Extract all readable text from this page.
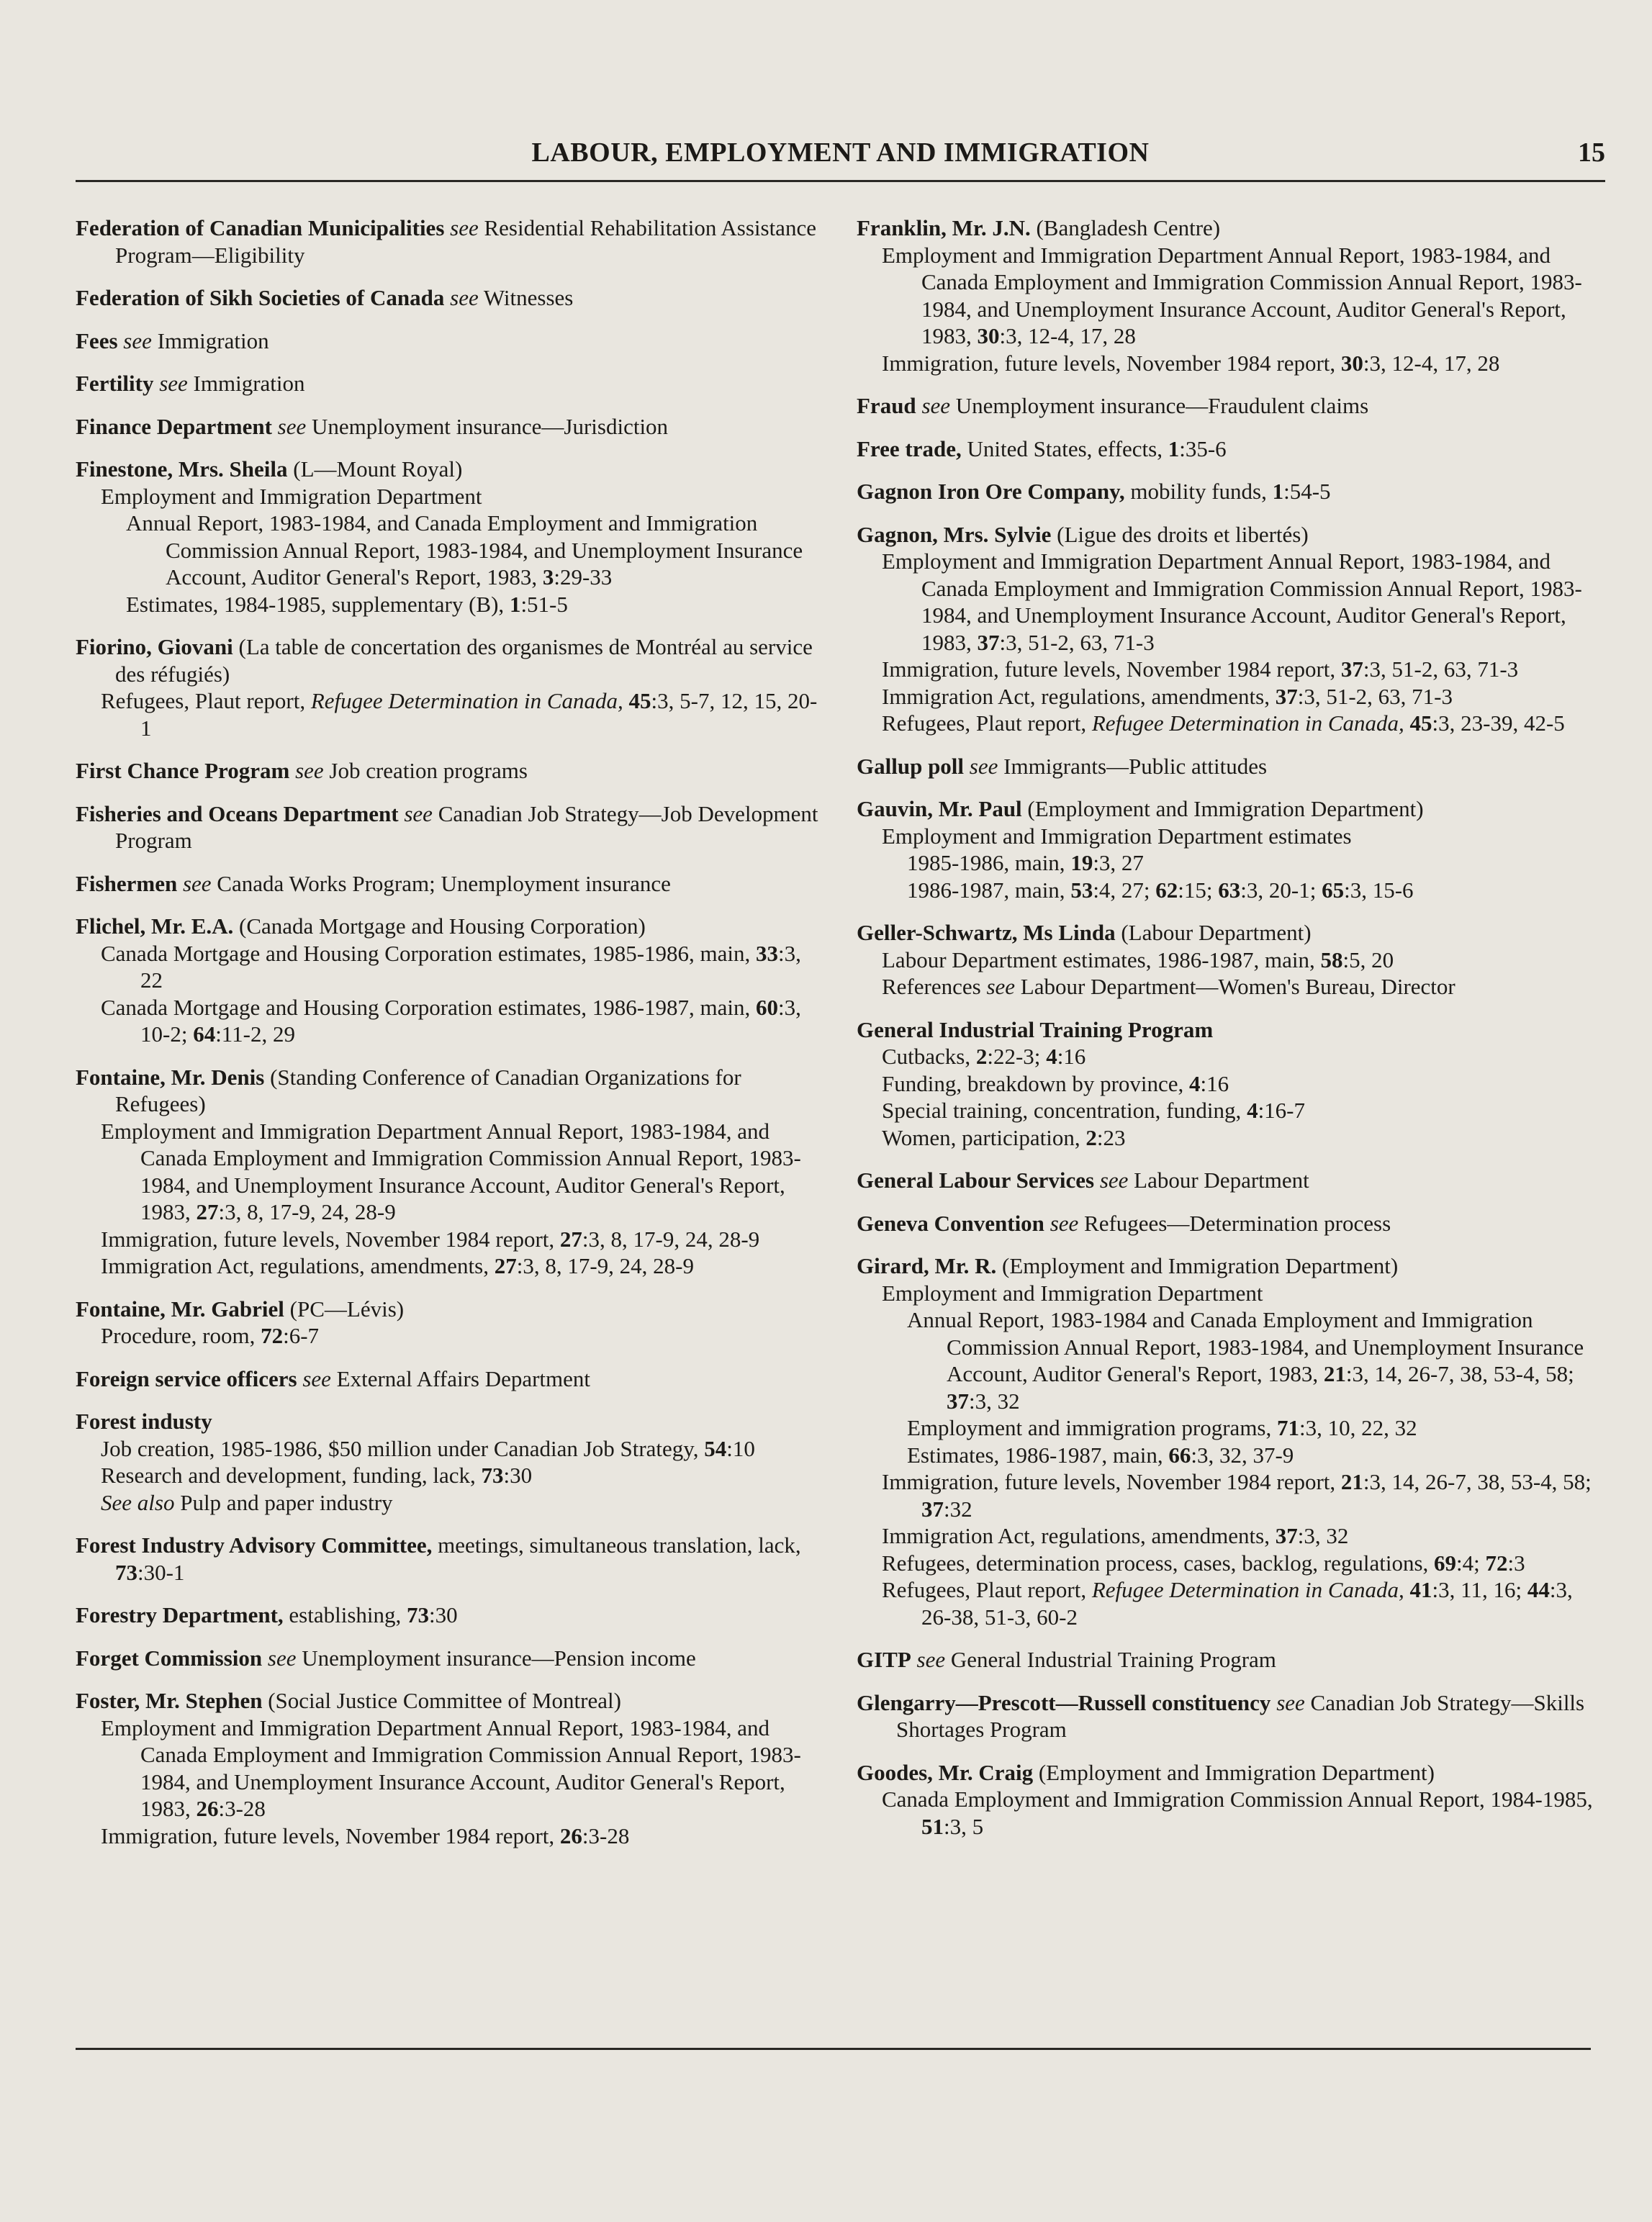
LABOUR, EMPLOYMENT AND IMMIGRATION	15
Federation of Canadian Municipalities see Residential Rehabilitation Assistance Program—Eligibility
Federation of Sikh Societies of Canada see Witnesses
Fees see Immigration
Fertility see Immigration
Finance Department see Unemployment insurance—Jurisdiction
Finestone, Mrs. Sheila (L—Mount Royal)
Employment and Immigration Department
Annual Report, 1983-1984, and Canada Employment and Immigration Commission Annual Report, 1983-1984, and Unemployment Insurance Account, Auditor General's Report, 1983, 3:29-33
Estimates, 1984-1985, supplementary (B), 1:51-5
Fiorino, Giovani (La table de concertation des organismes de Montréal au service des réfugiés)
Refugees, Plaut report, Refugee Determination in Canada, 45:3, 5-7, 12, 15, 20-1
First Chance Program see Job creation programs
Fisheries and Oceans Department see Canadian Job Strategy—Job Development Program
Fishermen see Canada Works Program; Unemployment insurance
Flichel, Mr. E.A. (Canada Mortgage and Housing Corporation)
Canada Mortgage and Housing Corporation estimates, 1985-1986, main, 33:3, 22
Canada Mortgage and Housing Corporation estimates, 1986-1987, main, 60:3, 10-2; 64:11-2, 29
Fontaine, Mr. Denis (Standing Conference of Canadian Organizations for Refugees)
Employment and Immigration Department Annual Report, 1983-1984, and Canada Employment and Immigration Commission Annual Report, 1983-1984, and Unemployment Insurance Account, Auditor General's Report, 1983, 27:3, 8, 17-9, 24, 28-9
Immigration, future levels, November 1984 report, 27:3, 8, 17-9, 24, 28-9
Immigration Act, regulations, amendments, 27:3, 8, 17-9, 24, 28-9
Fontaine, Mr. Gabriel (PC—Lévis)
Procedure, room, 72:6-7
Foreign service officers see External Affairs Department
Forest industy
Job creation, 1985-1986, $50 million under Canadian Job Strategy, 54:10
Research and development, funding, lack, 73:30
See also Pulp and paper industry
Forest Industry Advisory Committee, meetings, simultaneous translation, lack, 73:30-1
Forestry Department, establishing, 73:30
Forget Commission see Unemployment insurance—Pension income
Foster, Mr. Stephen (Social Justice Committee of Montreal)
Employment and Immigration Department Annual Report, 1983-1984, and Canada Employment and Immigration Commission Annual Report, 1983-1984, and Unemployment Insurance Account, Auditor General's Report, 1983, 26:3-28
Immigration, future levels, November 1984 report, 26:3-28
Franklin, Mr. J.N. (Bangladesh Centre)
Employment and Immigration Department Annual Report, 1983-1984, and Canada Employment and Immigration Commission Annual Report, 1983-1984, and Unemployment Insurance Account, Auditor General's Report, 1983, 30:3, 12-4, 17, 28
Immigration, future levels, November 1984 report, 30:3, 12-4, 17, 28
Fraud see Unemployment insurance—Fraudulent claims
Free trade, United States, effects, 1:35-6
Gagnon Iron Ore Company, mobility funds, 1:54-5
Gagnon, Mrs. Sylvie (Ligue des droits et libertés)
Employment and Immigration Department Annual Report, 1983-1984, and Canada Employment and Immigration Commission Annual Report, 1983-1984, and Unemployment Insurance Account, Auditor General's Report, 1983, 37:3, 51-2, 63, 71-3
Immigration, future levels, November 1984 report, 37:3, 51-2, 63, 71-3
Immigration Act, regulations, amendments, 37:3, 51-2, 63, 71-3
Refugees, Plaut report, Refugee Determination in Canada, 45:3, 23-39, 42-5
Gallup poll see Immigrants—Public attitudes
Gauvin, Mr. Paul (Employment and Immigration Department)
Employment and Immigration Department estimates
1985-1986, main, 19:3, 27
1986-1987, main, 53:4, 27; 62:15; 63:3, 20-1; 65:3, 15-6
Geller-Schwartz, Ms Linda (Labour Department)
Labour Department estimates, 1986-1987, main, 58:5, 20
References see Labour Department—Women's Bureau, Director
General Industrial Training Program
Cutbacks, 2:22-3; 4:16
Funding, breakdown by province, 4:16
Special training, concentration, funding, 4:16-7
Women, participation, 2:23
General Labour Services see Labour Department
Geneva Convention see Refugees—Determination process
Girard, Mr. R. (Employment and Immigration Department)
Employment and Immigration Department
Annual Report, 1983-1984 and Canada Employment and Immigration Commission Annual Report, 1983-1984, and Unemployment Insurance Account, Auditor General's Report, 1983, 21:3, 14, 26-7, 38, 53-4, 58; 37:3, 32
Employment and immigration programs, 71:3, 10, 22, 32
Estimates, 1986-1987, main, 66:3, 32, 37-9
Immigration, future levels, November 1984 report, 21:3, 14, 26-7, 38, 53-4, 58; 37:32
Immigration Act, regulations, amendments, 37:3, 32
Refugees, determination process, cases, backlog, regulations, 69:4; 72:3
Refugees, Plaut report, Refugee Determination in Canada, 41:3, 11, 16; 44:3, 26-38, 51-3, 60-2
GITP see General Industrial Training Program
Glengarry—Prescott—Russell constituency see Canadian Job Strategy—Skills Shortages Program
Goodes, Mr. Craig (Employment and Immigration Department)
Canada Employment and Immigration Commission Annual Report, 1984-1985, 51:3, 5
